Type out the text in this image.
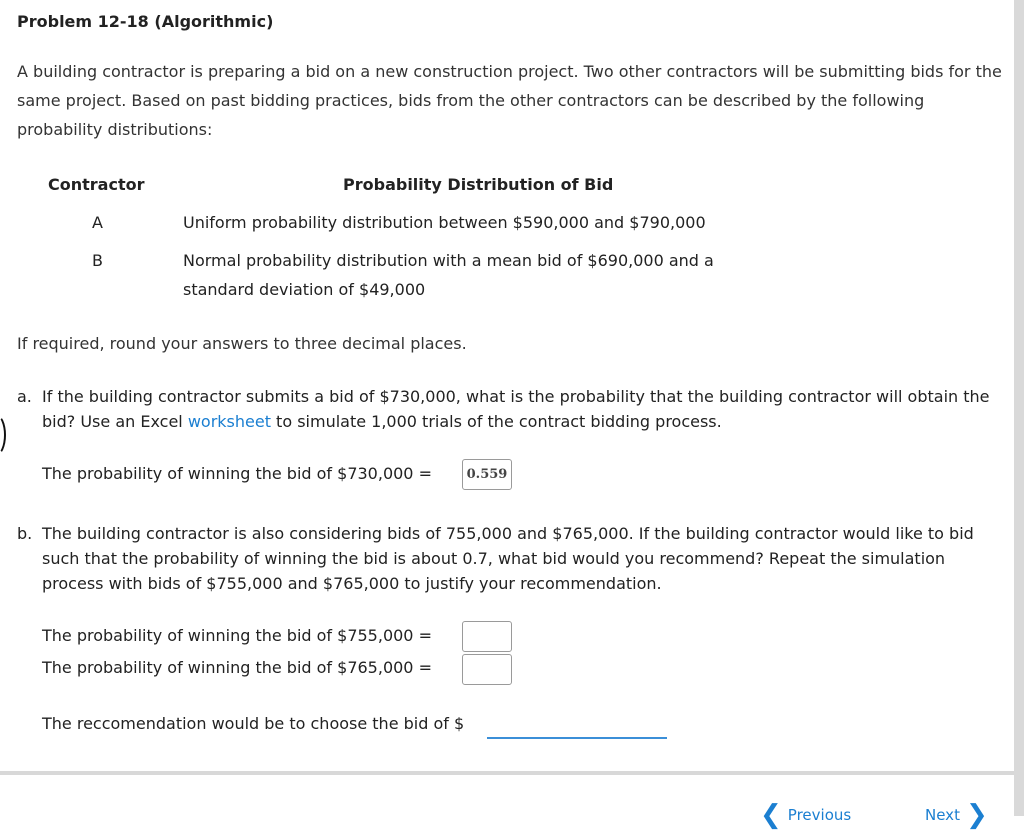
Problem 12-18 (Algorithmic)
A building contractor is preparing a bid on a new construction project. Two other contractors will be submitting bids for the same project. Based on past bidding practices, bids from the other contractors can be described by the following probability distributions:
Contractor	Probability Distribution of Bid
A	Uniform probability distribution between $590,000 and $790,000
B	Normal probability distribution with a mean bid of $690,000 and a standard deviation of $49,000
If required, round your answers to three decimal places.
a. If the building contractor submits a bid of $730,000, what is the probability that the building contractor will obtain the bid? Use an Excel worksheet to simulate 1,000 trials of the contract bidding process.
The probability of winning the bid of $730,000 =	0.559
b. The building contractor is also considering bids of 755,000 and $765,000. If the building contractor would like to bid such that the probability of winning the bid is about 0.7, what bid would you recommend? Repeat the simulation process with bids of $755,000 and $765,000 to justify your recommendation.
The probability of winning the bid of $755,000 =
The probability of winning the bid of $765,000 =
The reccomendation would be to choose the bid of $
❮ Previous	Next ❯
